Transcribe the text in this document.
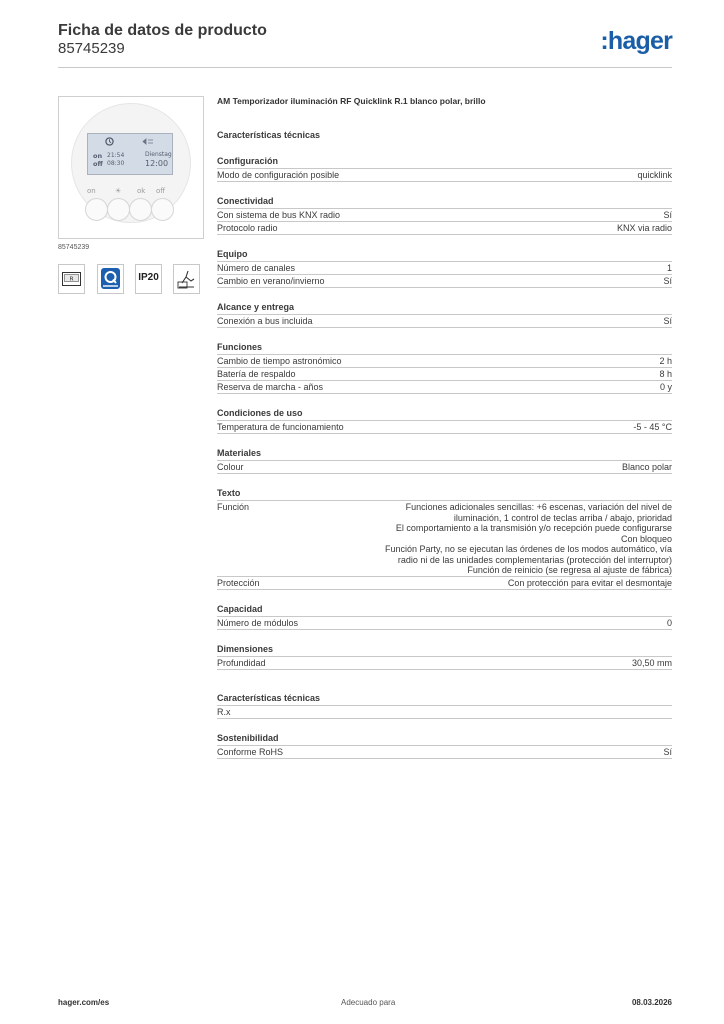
Ficha de datos de producto
85745239	:hager
on 21:54
off 08:30
Dienstag
12:00
on	☀ ok off
85745239
R	IP20
AM Temporizador iluminación RF Quicklink R.1 blanco polar, brillo
Características técnicas
Configuración
Modo de configuración posible	quicklink
Conectividad
Con sistema de bus KNX radio	Sí
Protocolo radio	KNX via radio
Equipo
Número de canales	1
Cambio en verano/invierno	Sí
Alcance y entrega
Conexión a bus incluida	Sí
Funciones
Cambio de tiempo astronómico	2 h
Batería de respaldo	8 h
Reserva de marcha - años	0 y
Condiciones de uso
Temperatura de funcionamiento	-5 - 45 °C
Materiales
Colour	Blanco polar
Texto
Función	Funciones adicionales sencillas: +6 escenas, variación del nivel de
iluminación, 1 control de teclas arriba / abajo, prioridad
El comportamiento a la transmisión y/o recepción puede configurarse
Con bloqueo
Función Party, no se ejecutan las órdenes de los modos automático, vía
radio ni de las unidades complementarias (protección del interruptor)
Función de reinicio (se regresa al ajuste de fábrica)
Protección	Con protección para evitar el desmontaje
Capacidad
Número de módulos	0
Dimensiones
Profundidad	30,50 mm
Características técnicas
R.x
Sostenibilidad
Conforme RoHS	Sí
hager.com/es	Adecuado para	08.03.2026
